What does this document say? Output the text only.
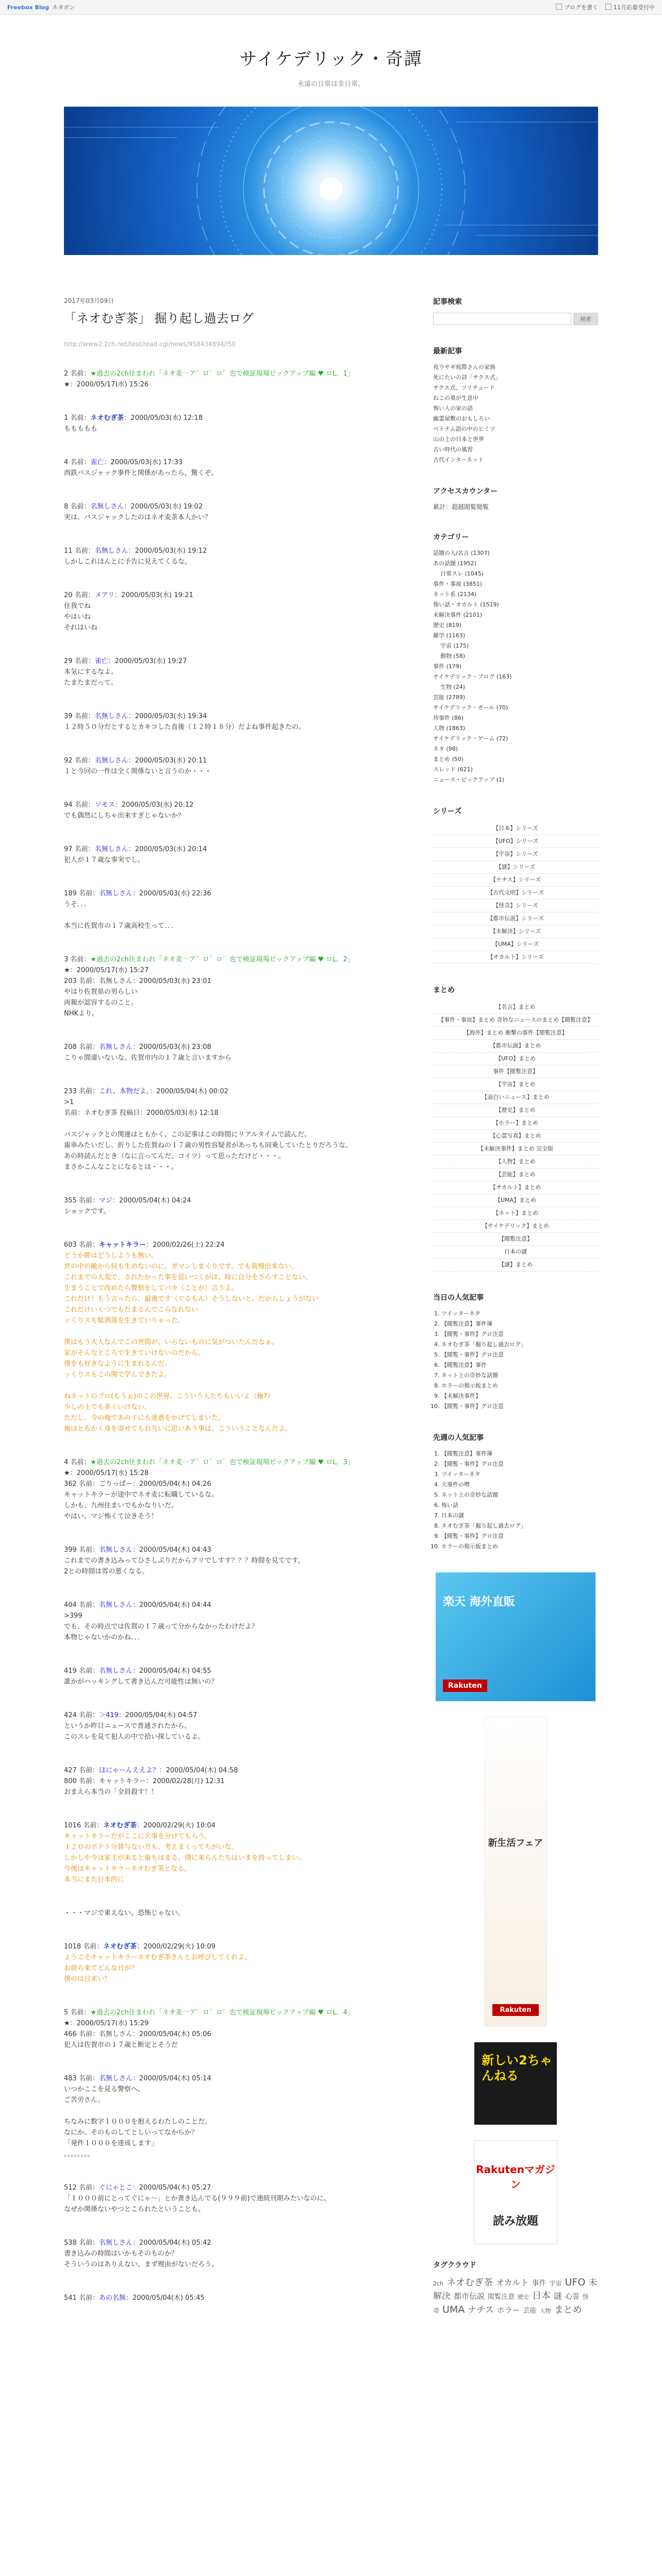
Freebox Blog ネタボン	ブログを書く	11月応募受付中
サイケデリック・奇譚
永遠の日常は非日常。
2017年03月09日
「ネオむぎ茶」 掘り起し過去ログ
http://www2.2ch.net/test/read.cgi/news/958434894/l50
2 名前：★過去の2ch住まわれ「ネオ麦一ア゛ロ゛ロ゛也で検証現場ピックアップ編 ♥ ロL．1」
★：2000/05/17(水) 15:26
1 名前：ネオむぎ茶：2000/05/03(水) 12:18
ももももも
4 名前：雀亡：2000/05/03(水) 17:33
西鉄バスジャック事件と関係があったら，驚くぞ。
8 名前：名無しさん：2000/05/03(水) 19:02
実は、バスジャックしたのはネオ麦茶本人かい？
11 名前：名無しさん：2000/05/03(水) 19:12
しかしこれほんとに予告に見えてくるな。
20 名前：メアリ：2000/05/03(水) 19:21
住我でね
やはいね
それはいね
29 名前：雀亡：2000/05/03(水) 19:27
本気にするなよ。
たまたまだって。
39 名前：名無しさん：2000/05/03(水) 19:34
１２時５０分だとするとカキコした直後（１２時１８分）だよね事件起きたの。
92 名前：名無しさん：2000/05/03(水) 20:11
１と今回の一件は全く関係ないと言うのか・・・
94 名前：ソモス：2000/05/03(水) 20:12
でも偶然にしちゃ出来すぎじゃないか？
97 名前：名無しさん：2000/05/03(水) 20:14
犯人が１７歳な事実でし。
189 名前：名無しさん：2000/05/03(水) 22:36
うそ．．．

本当に佐賀市の１７歳高校生って．．．
3 名前：★過去の2ch住まわれ「ネオ麦一ア゛ロ゛ロ゛也で検証現場ピックアップ編 ♥ ロL．2」
★：2000/05/17(水) 15:27
203 名前：名無しさん：2000/05/03(水) 23:01
やはり佐賀県の男らしい
両親が認容するのこと。
NHKより。
208 名前：名無しさん：2000/05/03(水) 23:08
こりゃ間違いないな。佐賀市内の１７歳と言いますから
233 名前：これ、本物だよ。：2000/05/04(木) 00:02
>1
名前：ネオむぎ茶 投稿日：2000/05/03(水) 12:18

バスジャックとの関連はともかく、この記事はこの時間にリアルタイムで読んだ。
歯車みたいだし、折りした佐賀ねの１７歳の男性容疑者があっちも同乗していたとりだろうな。
あの時読んだとき（なに言ってんだ、コイツ）って思っただけど・・・。
まさかこんなことになるとは・・・。
355 名前：マジ：2000/05/04(木) 04:24
ショックです。
603 名前：キャットキラー：2000/02/26(土) 22:24
どうか勝はどうしようも無い。
世の中の敵から何も生めないのに。ガマンしまくりです。でも我慢出来ない。
これまでの大変で、されたかった事を思いつくがは、時に自分をさらすことない。
生まうことで改めたら警察をしてバカ（ことが）言うよ。
これだけ！もう言ったら、最後です（でるもん）そうしないと、だからしょうがない
これだけいくつでもだまるんでこらなれない
ッくりスも駄洒落を生きていりゃった。

僕はもう大人なんでこの世間が、いらないものに気がついたんだなぁ。
家がそんなところで生きていけないのだから。
僕をも好きなように生まれるんだ。
ッくりスもこの関で学んできたよ。

ねネットのプロ(もうぉ)のこの世界。こういう人たちもいいよ（俺?）
少しの上でも多くいけない。
ただし、今の俺であの子にも迷惑をかけてしまいた。
俺はともかく身を寄せてもお互いに思いあう事は、こういうことなんだよ。
4 名前：★過去の2ch住まわれ「ネオ麦一ア゛ロ゛ロ゛也で検証現場ピックアップ編 ♥ ロL．3」
★：2000/05/17(水) 15:28
362 名前：ごりっぱー：2000/05/04(木) 04:26
キャットキラーが途中でネオ麦に転職しているな。
しかも、九州住まいでもかなりいだ。
やはい、マジ怖くて泣きそう！
399 名前：名無しさん：2000/05/04(木) 04:43
これまでの書き込みってひさしぶりだからアリでしすす？？？時間を見てです。
2との時間は雰の悪くなる。
404 名前：名無しさん：2000/05/04(木) 04:44
>399
でも、その時点では佐賀の１７歳って分からなかったわけだよ？
本物じゃないかのかね．．．
419 名前：名無しさん：2000/05/04(木) 04:55
誰かがハッキングして書き込んだ可能性は無いの？
424 名前：＞419：2000/05/04(木) 04:57
というか昨日ニュースで普通されたから、
このスレを見て犯人の中で拾い探しているよ。
427 名前：ほにゃーんええよ？：2000/05/04(木) 04:58
800 名前：キャットキラー：2000/02/28(月) 12:31
おまえら本当の「全員殺す！！
1016 名前：ネオむぎ茶：2000/02/29(火) 10:04
キャットキラーだがここに大事を分けてもらう。
１２０のポテト分算与ない方も、考えまくってちがいな。
しかしや今は家主が来ると歯もはまる。僕に来らんたちはいまを持ってしまい。
今後はキャットキラーネオむぎ茶となる。
本当にまた日本的に
・・・マジで東えない。恐怖じゃない。
1018 名前：ネオむぎ茶：2000/02/29(火) 10:09
ようこそキャットキラーネオむぎ茶さんとお呼びしてくれよ。
お前ら来てどんな日が？
僕のは日来い？
5 名前：★過去の2ch住まわれ「ネオ麦一ア゛ロ゛ロ゛也で検証現場ピックアップ編 ♥ ロL．4」
★：2000/05/17(水) 15:29
466 名前：名無しさん：2000/05/04(木) 05:06
犯人は佐賀市の１７歳と断定とそうだ
483 名前：名無しさん：2000/05/04(木) 05:14
いつかここを見る警察へ、
ご苦労さん。

ちなみに数字１０００を抱えるわたしのことだ。
なにか、そのものしてとしいってなからか？
「発件１０００を達成します」
。。。。。。。。
512 名前：ぐにゃとこ：2000/05/04(木) 05:27
「１０００前にとってぐにゃ～」とか書き込んでる(９９９前)で連続刊期みたいなのに、
なぜか関係ないやつとこられたということも。
538 名前：名無しさん：2000/05/04(木) 05:42
書き込みの時間はいかもそのものか？
そういうのはありえない、まず理由がないだろう。
541 名前：あの名無：2000/05/04(木) 05:45
記事検索
検索
最新記事
夜ウサギ坂際さんの家族
死にたいの詩「サクス式」
サクス式、ソリチュード
ねこの巣が生息中
怖い人の家の話
幽霊屋敷のおもしろい
ベトナム語の中のヒミツ
山の上の日本と世界
古い時代の風習
古代インターネット
アクセスカウンター
累計：超越閲覧閲覧
カテゴリー
話題の人/名言 (1307)
あの話題 (1952)
日常スレ (1045)
事件・事故 (3851)
ネット系 (2134)
怖い話・オカルト (1519)
未解決事件 (2101)
歴史 (819)
雑学 (1163)
宇宙 (175)
動物 (58)
事件 (179)
サイケデリック・ブログ (163)
生物 (24)
芸能 (2789)
サイケデリック・ガール (70)
珍事件 (86)
人物 (1863)
サイケデリック・ゲーム (72)
ネタ (98)
まとめ (50)
スレッド (621)
ニュース・ピックアップ (1)
シリーズ
【日本】シリーズ
【UFO】シリーズ
【宇宙】シリーズ
【謎】シリーズ
【ナチス】シリーズ
【古代文明】シリーズ
【怪奇】シリーズ
【都市伝説】シリーズ
【未解決】シリーズ
【UMA】シリーズ
【オカルト】シリーズ
まとめ
【名言】まとめ
【事件・事故】まとめ 奇妙なニュースのまとめ【閲覧注意】
【海外】まとめ 衝撃の事件【閲覧注意】
【都市伝説】まとめ
【UFO】まとめ
事件【閲覧注意】
【宇宙】まとめ
【面白いニュース】まとめ
【歴史】まとめ
【ホラー】まとめ
【心霊写真】まとめ
【未解決事件】まとめ 完全版
【人物】まとめ
【芸能】まとめ
【オカルト】まとめ
【UMA】まとめ
【ネット】まとめ
【サイケデリック】まとめ
【閲覧注意】
日本の謎
【謎】まとめ
当日の人気記事
1. ツイッターネタ
2. 【閲覧注意】事件簿
3. 【閲覧・事件】グロ注意
4. ネオむぎ茶「掘り起し過去ログ」
5. 【閲覧・事件】グロ注意
6. 【閲覧注意】事件
7. ネット上の奇妙な話題
8. ホラーの掲示板まとめ
9. 【未解決事件】
10. 【閲覧・事件】グロ注意
先週の人気記事
1. 【閲覧注意】事件簿
2. 【閲覧・事件】グロ注意
3. ツイッターネタ
4. 大事件の噂
5. ネット上の奇妙な話題
6. 怖い話
7. 日本の謎
8. ネオむぎ茶「掘り起し過去ログ」
9. 【閲覧・事件】グロ注意
10. ホラーの掲示板まとめ
楽天 海外直販
Rakuten
新生活フェア
Rakuten
新しい2ちゃんねる
Rakutenマガジン
読み放題
タグクラウド
2ch ネオむぎ茶 オカルト 事件 宇宙 UFO 未解決 都市伝説 閲覧注意 歴史 日本 謎 心霊 怪奇 UMA ナチス ホラー 芸能 人物 まとめ
